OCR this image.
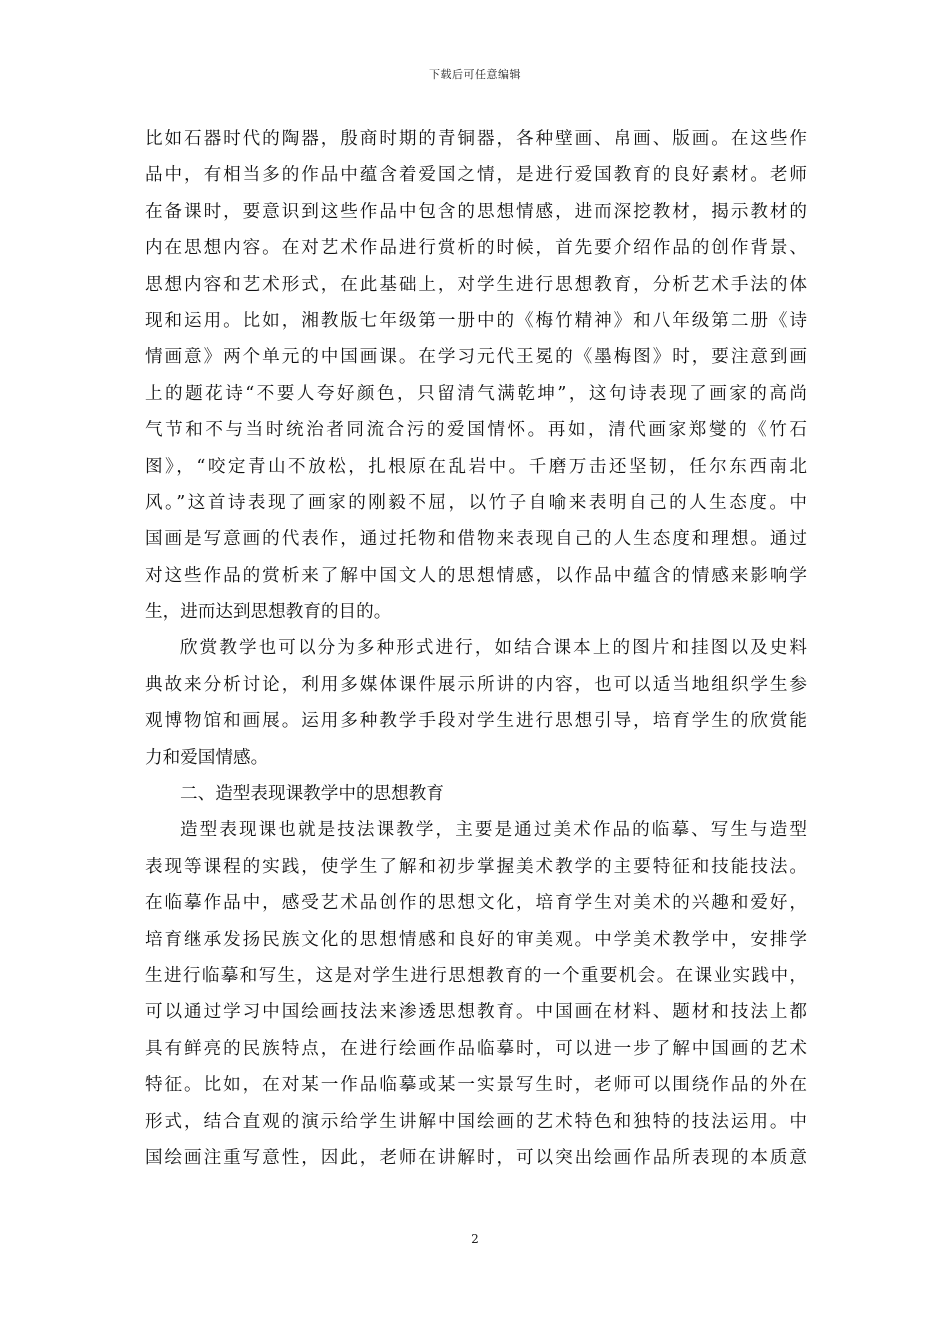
下载后可任意编辑
比如石器时代的陶器，殷商时期的青铜器，各种壁画、帛画、版画。在这些作
品中，有相当多的作品中蕴含着爱国之情，是进行爱国教育的良好素材。老师
在备课时，要意识到这些作品中包含的思想情感，进而深挖教材，揭示教材的
内在思想内容。在对艺术作品进行赏析的时候，首先要介绍作品的创作背景、
思想内容和艺术形式，在此基础上，对学生进行思想教育，分析艺术手法的体
现和运用。比如，湘教版七年级第一册中的《梅竹精神》和八年级第二册《诗
情画意》两个单元的中国画课。在学习元代王冕的《墨梅图》时，要注意到画
上的题花诗“不要人夸好颜色，只留清气满乾坤”，这句诗表现了画家的高尚
气节和不与当时统治者同流合污的爱国情怀。再如，清代画家郑燮的《竹石
图》，“咬定青山不放松，扎根原在乱岩中。千磨万击还坚韧，任尔东西南北
风。”这首诗表现了画家的刚毅不屈，以竹子自喻来表明自己的人生态度。中
国画是写意画的代表作，通过托物和借物来表现自己的人生态度和理想。通过
对这些作品的赏析来了解中国文人的思想情感，以作品中蕴含的情感来影响学
生，进而达到思想教育的目的。
欣赏教学也可以分为多种形式进行，如结合课本上的图片和挂图以及史料
典故来分析讨论，利用多媒体课件展示所讲的内容，也可以适当地组织学生参
观博物馆和画展。运用多种教学手段对学生进行思想引导，培育学生的欣赏能
力和爱国情感。
二、造型表现课教学中的思想教育
造型表现课也就是技法课教学，主要是通过美术作品的临摹、写生与造型
表现等课程的实践，使学生了解和初步掌握美术教学的主要特征和技能技法。
在临摹作品中，感受艺术品创作的思想文化，培育学生对美术的兴趣和爱好，
培育继承发扬民族文化的思想情感和良好的审美观。中学美术教学中，安排学
生进行临摹和写生，这是对学生进行思想教育的一个重要机会。在课业实践中，
可以通过学习中国绘画技法来渗透思想教育。中国画在材料、题材和技法上都
具有鲜亮的民族特点，在进行绘画作品临摹时，可以进一步了解中国画的艺术
特征。比如，在对某一作品临摹或某一实景写生时，老师可以围绕作品的外在
形式，结合直观的演示给学生讲解中国绘画的艺术特色和独特的技法运用。中
国绘画注重写意性，因此，老师在讲解时，可以突出绘画作品所表现的本质意
2
